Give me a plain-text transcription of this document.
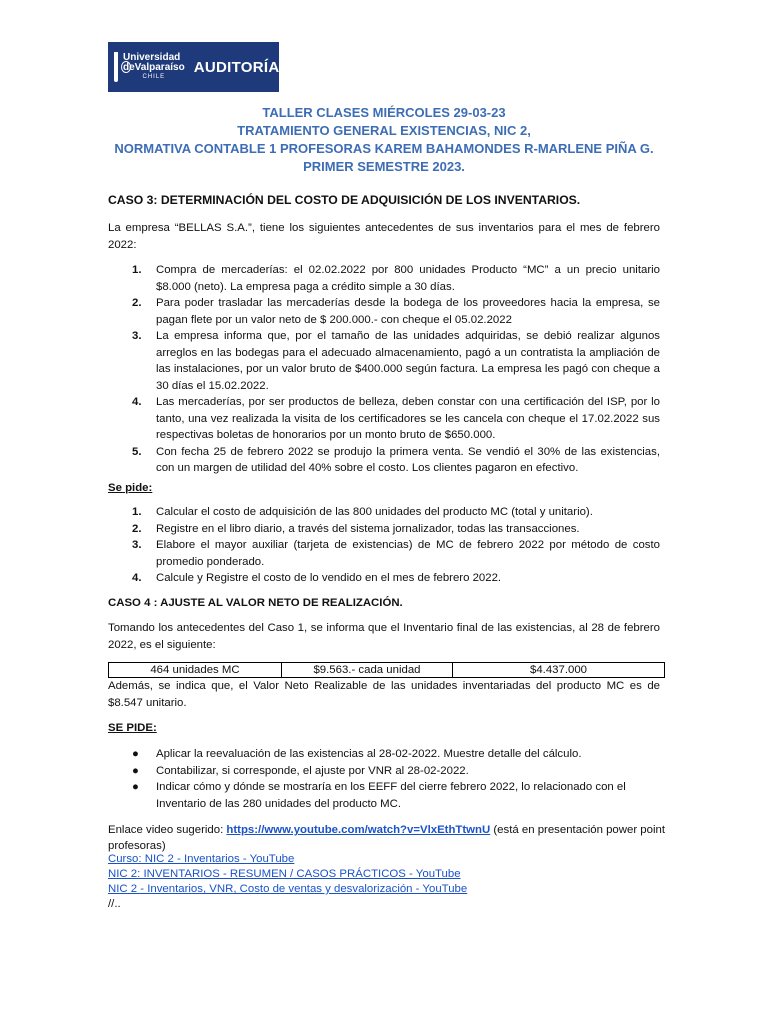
Universidad
deValparaíso
CHILE
AUDITORÍA
TALLER CLASES MIÉRCOLES 29-03-23
TRATAMIENTO GENERAL EXISTENCIAS, NIC 2,
NORMATIVA CONTABLE 1 PROFESORAS KAREM BAHAMONDES R-MARLENE PIÑA G.
PRIMER SEMESTRE 2023.
CASO 3: DETERMINACIÓN DEL COSTO DE ADQUISICIÓN DE LOS INVENTARIOS.
La empresa “BELLAS S.A.”, tiene los siguientes antecedentes de sus inventarios para el mes de febrero 2022:
1. Compra de mercaderías: el 02.02.2022 por 800 unidades Producto “MC” a un precio unitario $8.000 (neto). La empresa paga a crédito simple a 30 días.
2. Para poder trasladar las mercaderías desde la bodega de los proveedores hacia la empresa, se pagan flete por un valor neto de $ 200.000.- con cheque el 05.02.2022
3. La empresa informa que, por el tamaño de las unidades adquiridas, se debió realizar algunos arreglos en las bodegas para el adecuado almacenamiento, pagó a un contratista la ampliación de las instalaciones, por un valor bruto de $400.000 según factura. La empresa les pagó con cheque a 30 días el 15.02.2022.
4. Las mercaderías, por ser productos de belleza, deben constar con una certificación del ISP, por lo tanto, una vez realizada la visita de los certificadores se les cancela con cheque el 17.02.2022 sus respectivas boletas de honorarios por un monto bruto de $650.000.
5. Con fecha 25 de febrero 2022 se produjo la primera venta. Se vendió el 30% de las existencias, con un margen de utilidad del 40% sobre el costo. Los clientes pagaron en efectivo.
Se pide:
1. Calcular el costo de adquisición de las 800 unidades del producto MC (total y unitario).
2. Registre en el libro diario, a través del sistema jornalizador, todas las transacciones.
3. Elabore el mayor auxiliar (tarjeta de existencias) de MC de febrero 2022 por método de costo promedio ponderado.
4. Calcule y Registre el costo de lo vendido en el mes de febrero 2022.
CASO 4 : AJUSTE AL VALOR NETO DE REALIZACIÓN.
Tomando los antecedentes del Caso 1, se informa que el Inventario final de las existencias, al 28 de febrero 2022, es el siguiente:
464 unidades MC	$9.563.- cada unidad	$4.437.000
Además, se indica que, el Valor Neto Realizable de las unidades inventariadas del producto MC es de $8.547 unitario.
SE PIDE:
● Aplicar la reevaluación de las existencias al 28-02-2022. Muestre detalle del cálculo.
● Contabilizar, si corresponde, el ajuste por VNR al 28-02-2022.
● Indicar cómo y dónde se mostraría en los EEFF del cierre febrero 2022, lo relacionado con el Inventario de las 280 unidades del producto MC.
Enlace video sugerido: https://www.youtube.com/watch?v=VlxEthTtwnU (está en presentación power point profesoras)
Curso: NIC 2 - Inventarios - YouTube
NIC 2: INVENTARIOS - RESUMEN / CASOS PRÁCTICOS - YouTube
NIC 2 - Inventarios, VNR, Costo de ventas y desvalorización - YouTube
//..
